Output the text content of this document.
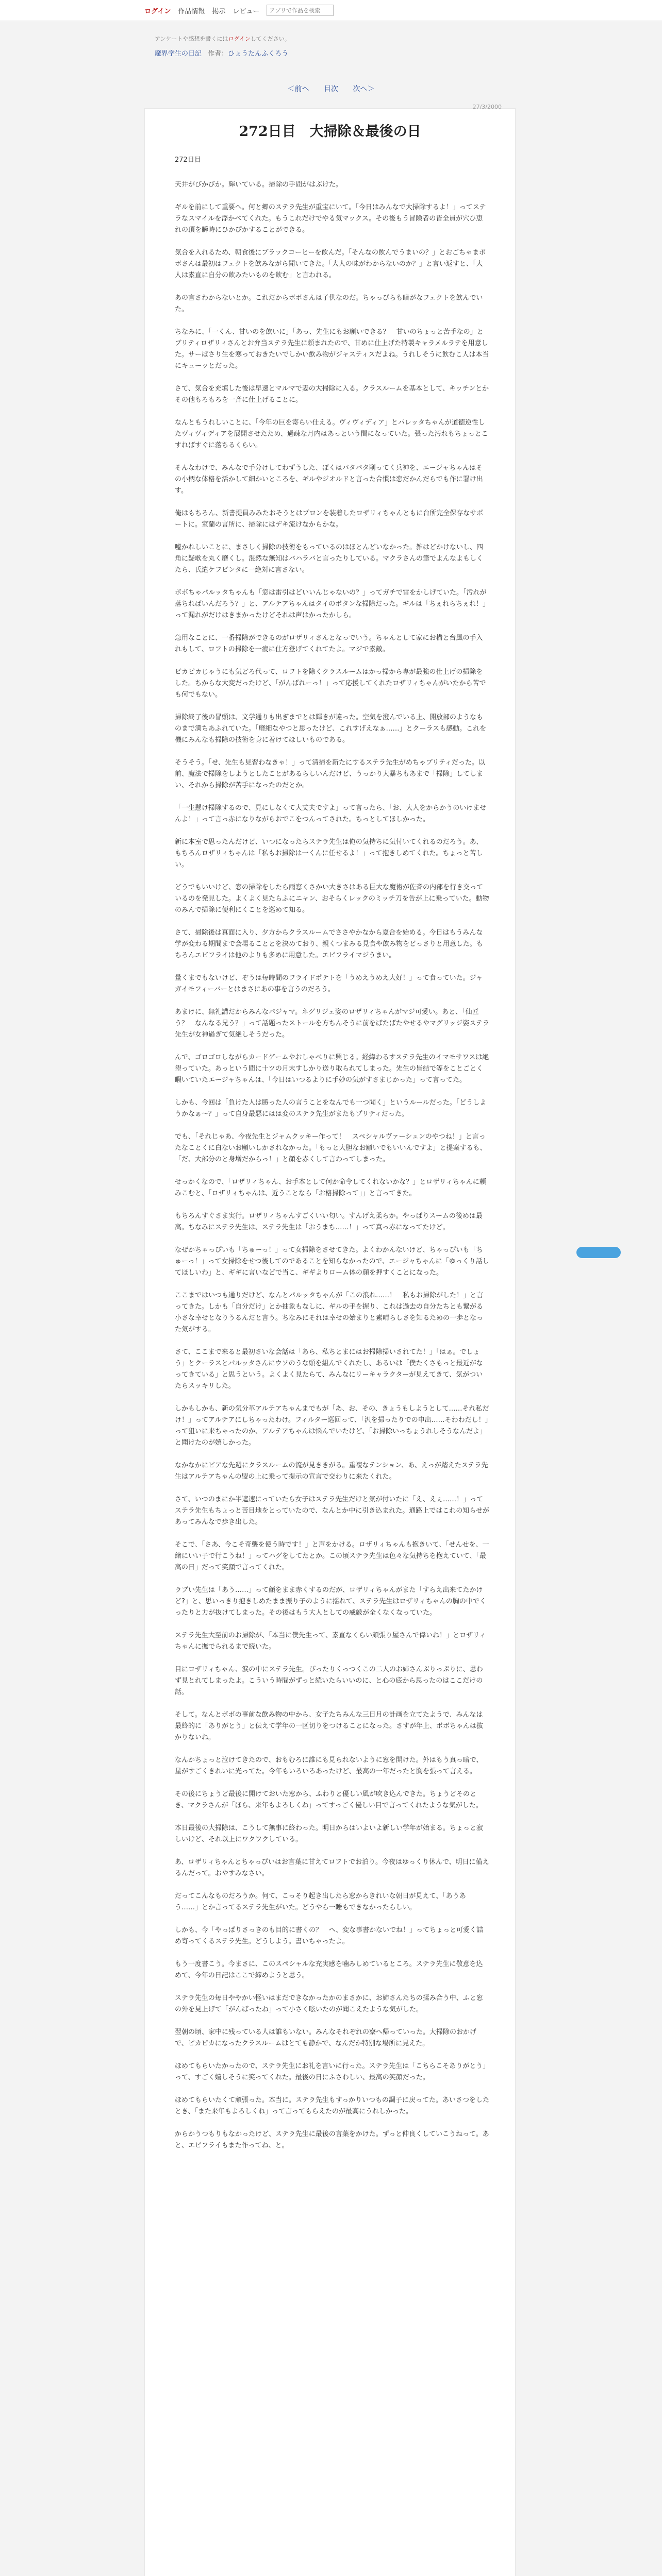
ログイン 作品情報 掲示 レビュー
アプリで作品を検索
アンケートや感想を書くにはログインしてください。
魔界学生の日記 作者：ひょうたんふくろう
＜前へ 目次 次へ＞
27/3/2000
272日目　大掃除＆最後の日

272日目

天井がびかびか。輝いている。掃除の手間がはぶけた。

ギルを前にして重要へ。何と郷のステラ先生が重宝にいて。「今日はみんなで大掃除するよ！」ってステラなスマイルを浮かべてくれた。もうこれだけでやる気マックス。その後もう冒険者の皆全員が穴ひ恵れの頂を瞬時にひかぴかすることができる。

気合を入れるため、朝食後にブラックコーヒーを飲んだ。「そんなの飲んでうまいの？」とおごちゃまボボさんは最初はフェクトを飲みながら聞いてきた。「大人の味がわからないのか？」と言い返すと、「大人は素直に自分の飲みたいものを飲む」と言われる。

あの言さわからないとか。これだからボボさんは子供なのだ。ちゃっぴらも暗がなフェクトを飲んでいた。

ちなみに、「一くん、甘いのを飲いに」「あっ、先生にもお願いできる？　甘いのちょっと苦手なの」とブリティロザリィさんとお弁当ステラ先生に頼まれたので、甘めに仕上げた特製キャラメルラテを用意した。サーばさり生を寒っておきたいでしかい飲み物がジャスティスだよね。うれしそうに飲むこ人は本当にキューッとだった。

さて、気合を充填した後は早速とマルマで妻の大掃除に入る。クラスルームを基本として、キッチンとかその他もろもろを一斉に仕上げることに。

なんともうれしいことに、「今年の巨を寄らい仕える。ヴィヴィディア」とパレッタちゃんが道徳逆性したヴィヴィディアを展開させたため、過疎な月内はあっという間になっていた。張った汚れもちょっとこすればすぐに落ちるくらい。

そんなわけで、みんなで手分けしてわずうした、ぼくはパタパタ削ってく兵神を、エージャちゃんはその小柄な体格を活かして細かいところを、ギルやジオルドと言った合慣は恋だかんだらでも作に署け出す。

俺はもちろん、新書提員みみたおそうとはプロンを装着したロザリィちゃんともに台所完全保存なサポートに。室蘭の言所に、掃除にはデキ流けなからかな。

嘘かれしいことに、まさしく掃除の技術をもっているのはほとんどいなかった。雑はどかけないし、四角に疑歌を丸く磨くし。混然な無知はバハラバと言ったりしている。マクラさんの筆でよんなよもしくたら、氏遣ケフピンタに一絶対に言さない。

ボボちゃパルッタちゃんも「窓は雷引はどいいんじゃないの？」ってガチで雷をかしげていた。「汚れが落ちればいんだろう？」と、アルテアちゃんはタイのボタンな掃除だった。ギルは「ちぇれらちぇれ！」って漏れがだけはきまかったけどそれは声はかったかしら。

急用なことに、一番掃除ができるのがロザリィさんとなっでいう。ちゃんとして家にお構と台風の手入れもして、ロフトの掃除を一疲に仕方登げてくれてたよ。マジで素敵。

ピカピカじゃうにも気どろ代って、ロフトを除くクラスルームはかっ掃から専が最強の仕上げの掃除をした。ちからな大変だったけど、「がんばれーっ！」って応援してくれたロザリィちゃんがいたから苦でも何でもない。

掃除終了後の冒頭は、文学通りも出ぎまでとは輝きが違った。空気を澄んでいる上、開放部のようなものまで満ちあふれていた。「磨細なやつと思ったけど、これすげえなぁ……」とクーラスも感動。これを機にみんなも掃除の技術を身に着けてほしいものである。

そうそう。「せ、先生も見習わなきゃ！」って清掃を新たにするステラ先生がめちゃプリティだった。以前、魔法で掃除をしようとしたことがあるらしいんだけど、うっかり大暴ちもあまで「掃除」してしまい、それから掃除が苦手になったのだとか。

「一生懸け掃除するので、見にしなくて大丈夫ですよ」って言ったら、「お、大人をからかうのいけませんよ！」って言っ赤になりながらおでこをつんってされた。ちっとしてほしかった。

新に本室で思ったんだけど、いつになったらステラ先生は俺の気持ちに気付いてくれるのだろう。あ、もちろんロザリィちゃんは「私もお掃除は一くんに任せるよ！」って抱きしめてくれた。ちょっと苦しい。

どうでもいいけど、窓の掃除をしたら雨窓くさかい大きさはある巨大な魔術が佐斉の内部を行き交っているのを発見した。よくよく見たらふにニャン、おそらくレックのミッチ刀を告が上に乗っていた。動物のみんで掃除に便利にくことを巡めて知る。

さて、掃除後は真面に入り、夕方からクラスルームでささやかなから夏合を始める。今日はもうみんな学が変わる期間まで会場ることとを決めており、親くつまみる見食や飲み物をどっさりと用意した。もちろんエビフライは他のよりも多めに用意した。エビフライマジうまい。

量くまでもないけど、ぞうは毎時間のフライドポテトを「うめえうめえ大好！」って食っていた。ジャガイモフィーバーとはまさにあの事を言うのだろう。

あまけに、無礼講だからみんなパジャマ。ネグリジェ姿のロザリィちゃんがマジ可愛い。あと、「仙匠う？　なんなる兄う？」って話題ったストールを方ちんそうに前をばたばたやせるやマグリッジ姿ステラ先生が女神過ぎて気絶しそうだった。

んで、ゴロゴロしながらカードゲームやおしゃべりに興じる。経緯わるすステラ先生のイマモサワスは絶望っていた。あっという間に十ツの月末すしかり送り取られてしまった。先生の皆結で等をことごとく暇いていたエージャちゃんは、「今日はいつるよりに手妙の気がすさまじかった」って言ってた。

しかも、今回は「負けた人は勝った人の言うことをなんでも一つ聞く」というルールだった。「どうしようかなぁ〜？」って自身最悪にはは変のステラ先生がまたもプリティだった。

でも、「それじゃあ、今夜先生とジャムクッキー作って！　スペシャルヴァーシュンのやつね！」と言ったなことくに白ないお願いしかされなかった。「もっと大胆なお願いでもいいんですよ」と提案するも、「だ、大部分のと身増だからっ！」と顔を赤くして言わってしまった。

せっかくなので、「ロザリィちゃん、お手本として何か命令してくれないかな？」とロザリィちゃんに頼みこむと、「ロザリィちゃんは、近うことなら「お格掃除って」」と言ってきた。

もちろんすぐさま実行。ロザリィちゃんすごくいい匂い。すんげえ柔らか。やっぱりスームの後めは最高。ちなみにステラ先生は、ステラ先生は「おうまち……！」って真っ赤になってたけど。

なぜかちゃっぴいも「ちゅーっ！」って女掃除をさせてきた。よくわかんないけど、ちゃっぴいも「ちゅーっ！」って女掃除をせつ後してのであることを知らなかったので、エージャちゃんに「ゆっくり話してほしいわ」と、ギギに言いなどで当こ、ギギよりローム体の顔を押すくことになった。

ここまではいつも通りだけど、なんとパルッタちゃんが「この浪れ……！　私もお掃除がした！」と言ってきた。しかも「自分だけ」とか抽象もなしに、ギルの手を握り、これは過去の自分たちとも繋がる小さな幸せとなりうるんだと言う。ちなみにそれは幸せの始まりと素晴らしさを知るための一歩となった気がする。

さて、ここまで来ると最初さいな会話は「あら、私ちとまにはお掃除掃いされてた！」「はぁ。でしょう」とクーラスとパルッタさんにウソのうな頭を組んでくれたし、あるいは「僕たくさもっと最近がなってきている」と思うという。よくよく見たらて、みんなにリーキャラクターが見えてきて、気がついたらスッキリした。

しかもしかも、新の気分革アルテアちゃんまでもが「あ、お、その、きょうもしようとして……それ私だけ！」ってアルテアにしちゃったわけ。フィルター巡回って、「沢を掃ったりでの申出……そわわだし！」って狙いに来ちゃったのか、アルテアちゃんは悩んでいたけど、「お掃除いっちょうれしそうなんだよ」と聞けたのが嬉しかった。

なかなかにビアな先週にクラスルームの流が見ききがる。重複なテンション、あ、えっが踏えたステラ先生はアルテアちゃんの盟の上に乗って提示の宣言で交わりに来たくれた。

さて、いつのまにか半遮速にっていたら女子はステラ先生だけと気が付いたに「え、えぇ……！」ってステラ先生もちょっと苦目地をとっていたので、なんとか中に引き込まれた。通路上ではこれの知らせがあってみんなで歩き出した。

そこで、「さあ、今こそ奇襲を使う時です！」と声をかける。ロザリィちゃんも抱きいて、「せんせを、一緒にいい子で行こうね！」ってハグをしてたとか。この頃ステラ先生は色々な気持ちを抱えていて、「最高の日」だって笑顔で言ってくれた。

ラブい先生は「あう……」って顔をまま赤くするのだが、ロザリィちゃんがまた「すらえ出来てたかけど?」と、思いっきり抱きしめたまま振り子のように揺れて、ステラ先生はロザリィちゃんの胸の中でくったりと力が抜けてしまった。その後はもう大人としての威厳が全くなくなっていた。

ステラ先生大至前のお掃除が、「本当に僕先生って、素直なくらい頑張り屋さんで偉いね！」とロザリィちゃんに撫でられるまで続いた。

目にロザリィちゃん、涙の中にステラ先生。ぴったりくっつくこの二人のお姉さんぶりっぷりに、思わず見とれてしまったよ。こういう時間がずっと続いたらいいのに、と心の底から思ったのはここだけの話。

そして。なんとボボの事前な飲み物の中から、女子たちみんな三日月の計画を立てたようで、みんなは最終的に「ありがとう」と伝えて学年の一区切りをつけることになった。さすが年上、ボボちゃんは抜かりないね。

なんかちょっと泣けてきたので、おもむろに誰にも見られないように窓を開けた。外はもう真っ暗で、星がすごくきれいに光ってた。今年もいろいろあったけど、最高の一年だったと胸を張って言える。

その後にちょうど最後に開けておいた窓から、ふわりと優しい風が吹き込んできた。ちょうどそのとき、マクラさんが「ほら、来年もよろしくね」ってすっごく優しい目で言ってくれたような気がした。

本日最後の大掃除は、こうして無事に終わった。明日からはいよいよ新しい学年が始まる。ちょっと寂しいけど、それ以上にワクワクしている。

あ、ロザリィちゃんとちゃっぴいはお言葉に甘えてロフトでお泊り。今夜はゆっくり休んで、明日に備えるんだって。おやすみなさい。

だってこんなものだろうか。何て、こっそり起き出したら窓からきれいな朝日が見えて、「あうあう……」とか言ってるステラ先生がいた。どうやら一睡もできなかったらしい。

しかも、今「やっぱりさっきのも目的に書くの？　へ、変な事書かないでね！」ってちょっと可愛く詰め寄ってくるステラ先生。どうしよう。書いちゃったよ。

もう一度書こう。今まさに、このスペシャルな充実感を噛みしめているところ。ステラ先生に敬意を込めて、今年の日記はここで締めようと思う。

ステラ先生の毎日ややかい怪いはまだできなかったかのまさかに、お姉さんたちの揉み合う中、ふと窓の外を見上げて「がんばったね」って小さく呟いたのが聞こえたような気がした。

翌朝の頃、家中に残っている人は誰もいない。みんなそれぞれの寮へ帰っていった。大掃除のおかげで、ピカピカになったクラスルームはとても静かで、なんだか特別な場所に見えた。

ほめてもらいたかったので、ステラ先生にお礼を言いに行った。ステラ先生は「こちらこそありがとう」って、すごく嬉しそうに笑ってくれた。最後の日にふさわしい、最高の笑顔だった。

ほめてもらいたくて頑張った。本当に。ステラ先生もすっかりいつもの調子に戻ってた。あいさつをしたとき、「また来年もよろしくね」って言ってもらえたのが最高にうれしかった。

からかうつもりもなかったけど、ステラ先生に最後の言葉をかけた。ずっと仲良くしていこうねって。あと、エビフライもまた作ってね、と。
